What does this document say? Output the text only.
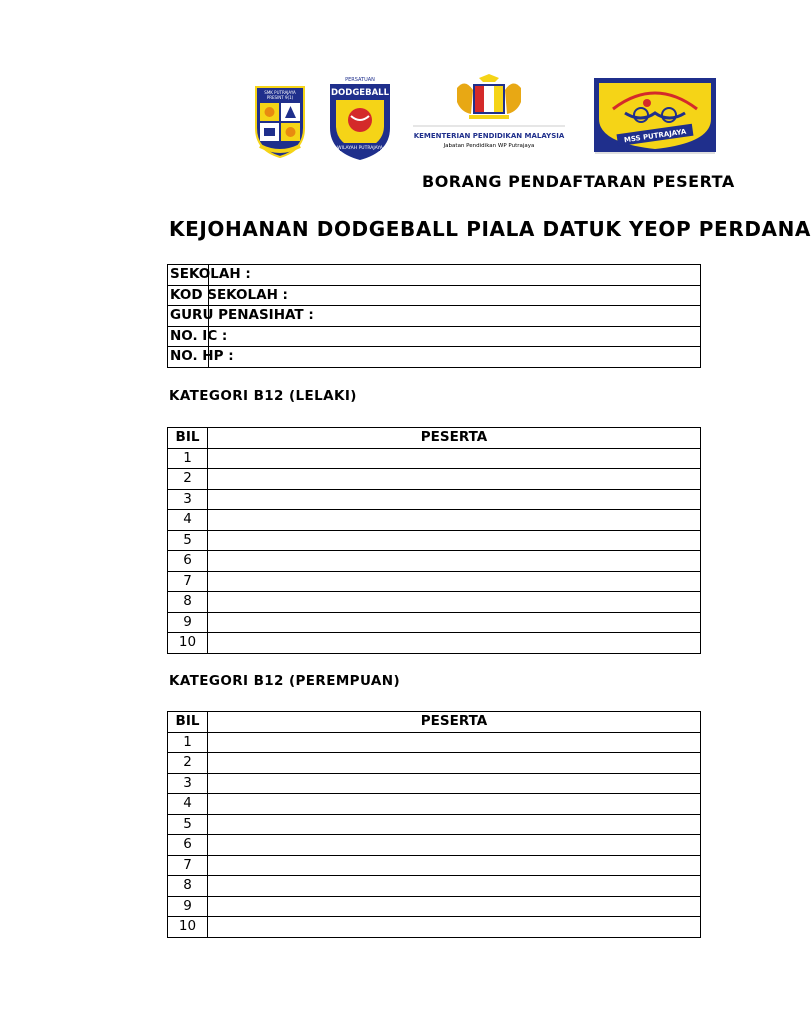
SMK PUTRAJAYA
PRESINT 9(1)
PERSATUAN
DODGEBALL
WILAYAH PUTRAJAYA
KEMENTERIAN PENDIDIKAN MALAYSIA
Jabatan Pendidikan WP Putrajaya
MSS PUTRAJAYA
BORANG PENDAFTARAN PESERTA
KEJOHANAN DODGEBALL PIALA DATUK YEOP PERDANA
SEKOLAH :

KOD SEKOLAH :

GURU PENASIHAT :

NO. IC :

NO. HP :
KATEGORI B12 (LELAKI)
BIL	PESERTA
1	
2	
3	
4	
5	
6	
7	
8	
9	
10	
KATEGORI B12 (PEREMPUAN)
BIL	PESERTA
1	
2	
3	
4	
5	
6	
7	
8	
9	
10	
